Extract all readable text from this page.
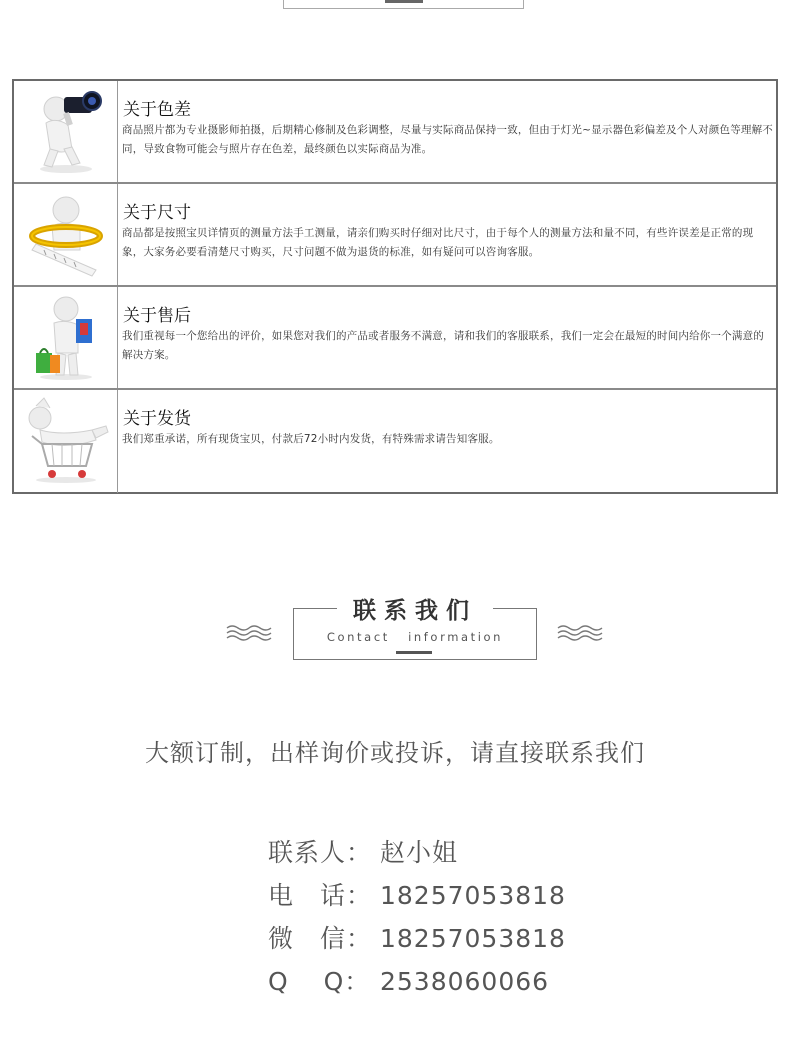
关于色差
商品照片都为专业摄影师拍摄，后期精心修制及色彩调整，尽量与实际商品保持一致，但由于灯光~显示器色彩偏差及个人对颜色等理解不同，导致食物可能会与照片存在色差，最终颜色以实际商品为准。
关于尺寸
商品都是按照宝贝详情页的测量方法手工测量，请亲们购买时仔细对比尺寸，由于每个人的测量方法和量不同，有些许误差是正常的现象，大家务必要看清楚尺寸购买，尺寸问题不做为退货的标准，如有疑问可以咨询客服。
关于售后
我们重视每一个您给出的评价，如果您对我们的产品或者服务不满意，请和我们的客服联系，我们一定会在最短的时间内给你一个满意的解决方案。
关于发货
我们郑重承诺，所有现货宝贝，付款后72小时内发货，有特殊需求请告知客服。
联系我们
Contact information
大额订制，出样询价或投诉，请直接联系我们
联系人： 赵小姐
电　话： 18257053818
微　信： 18257053818
Q　 Q： 2538060066
